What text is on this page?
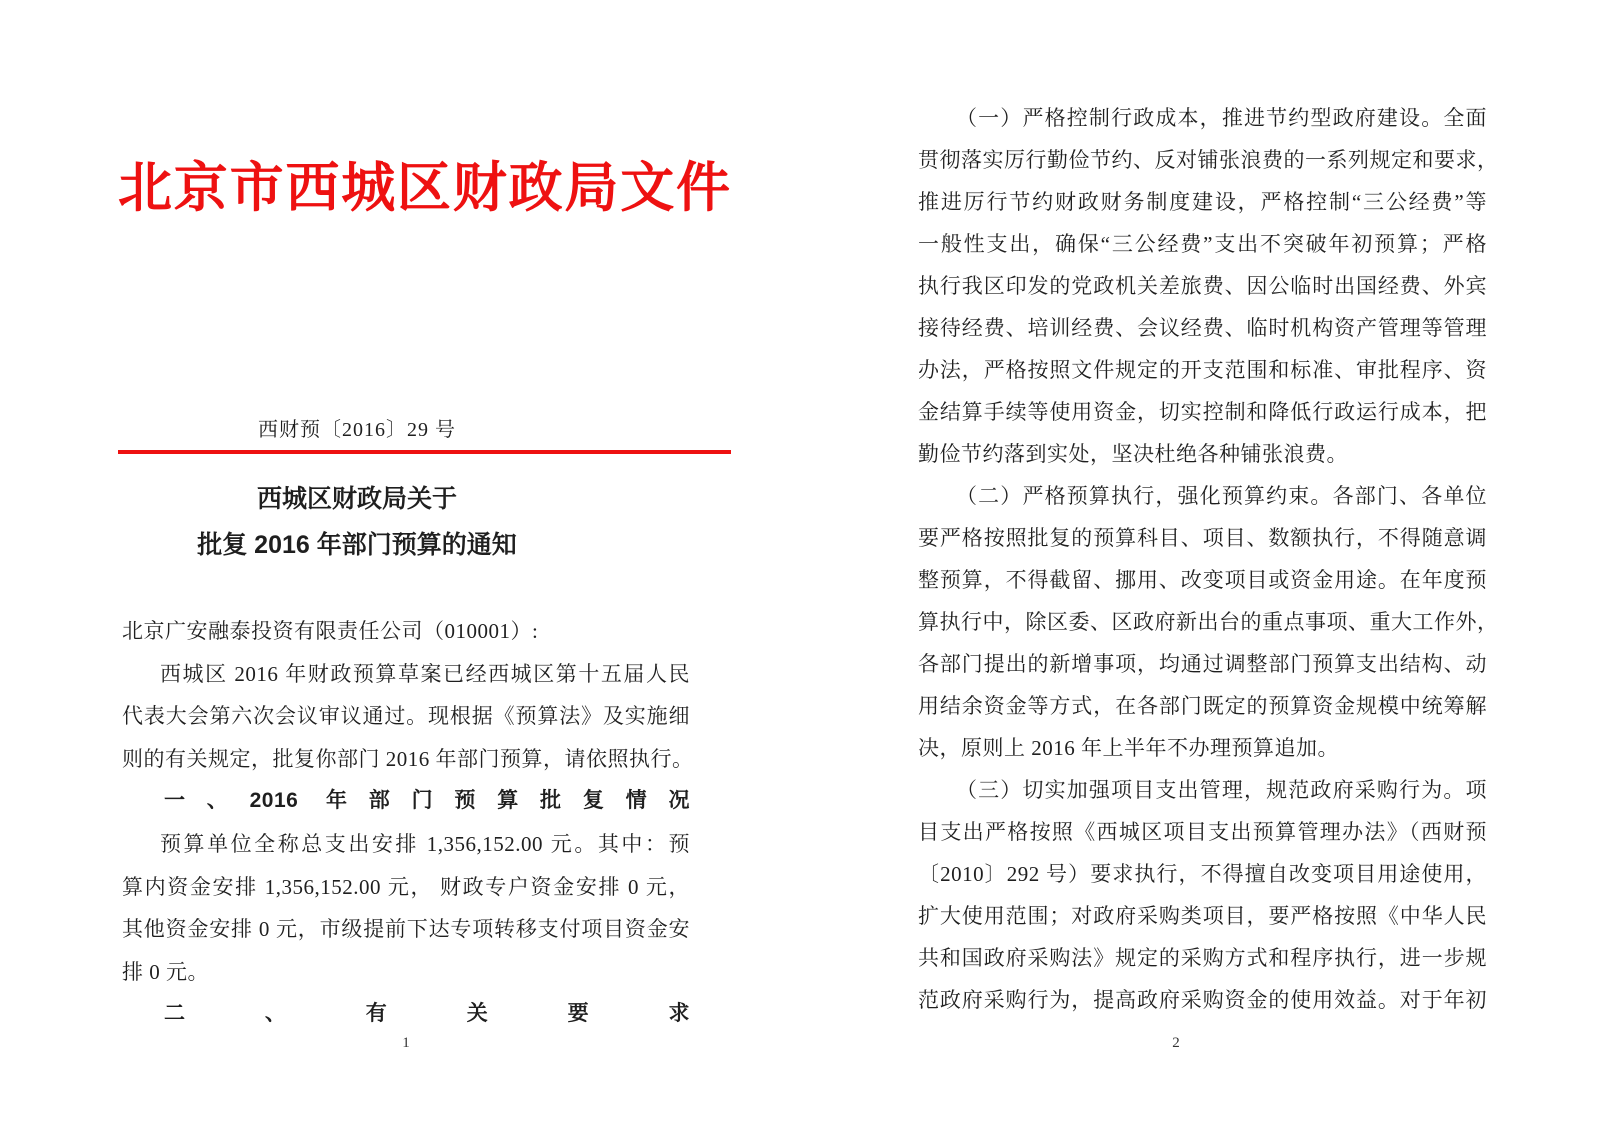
北京市西城区财政局文件
西财预〔2016〕29 号
西城区财政局关于
批复 2016 年部门预算的通知
北京广安融泰投资有限责任公司（010001）:
西城区 2016 年财政预算草案已经西城区第十五届人民
代表大会第六次会议审议通过。现根据《预算法》及实施细
则的有关规定，批复你部门 2016 年部门预算，请依照执行。
一、2016 年部门预算批复情况
预算单位全称总支出安排 1,356,152.00 元。其中：预
算内资金安排 1,356,152.00 元， 财政专户资金安排 0 元，
其他资金安排 0 元，市级提前下达专项转移支付项目资金安
排 0 元。
二、有关要求
1
（一）严格控制行政成本，推进节约型政府建设。全面
贯彻落实厉行勤俭节约、反对铺张浪费的一系列规定和要求，
推进厉行节约财政财务制度建设，严格控制“三公经费”等
一般性支出，确保“三公经费”支出不突破年初预算；严格
执行我区印发的党政机关差旅费、因公临时出国经费、外宾
接待经费、培训经费、会议经费、临时机构资产管理等管理
办法，严格按照文件规定的开支范围和标准、审批程序、资
金结算手续等使用资金，切实控制和降低行政运行成本，把
勤俭节约落到实处，坚决杜绝各种铺张浪费。
（二）严格预算执行，强化预算约束。各部门、各单位
要严格按照批复的预算科目、项目、数额执行，不得随意调
整预算，不得截留、挪用、改变项目或资金用途。在年度预
算执行中，除区委、区政府新出台的重点事项、重大工作外，
各部门提出的新增事项，均通过调整部门预算支出结构、动
用结余资金等方式，在各部门既定的预算资金规模中统筹解
决，原则上 2016 年上半年不办理预算追加。
（三）切实加强项目支出管理，规范政府采购行为。项
目支出严格按照《西城区项目支出预算管理办法》（西财预
〔2010〕292 号）要求执行，不得擅自改变项目用途使用，
扩大使用范围；对政府采购类项目，要严格按照《中华人民
共和国政府采购法》规定的采购方式和程序执行，进一步规
范政府采购行为，提高政府采购资金的使用效益。对于年初
2
